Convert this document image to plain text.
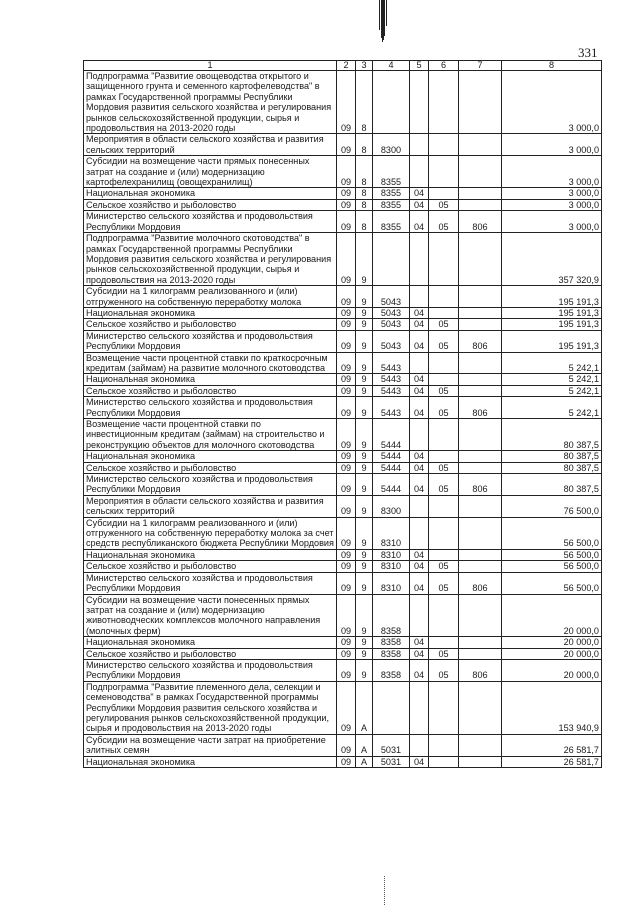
331
1	2	3	4	5	6	7	8
Подпрограмма "Развитие овощеводства открытого и защищенного грунта и семенного картофелеводства" в рамках Государственной программы Республики Мордовия развития сельского хозяйства и регулирования рынков сельскохозяйственной продукции, сырья и продовольствия на 2013-2020 годы	09	8					3 000,0
Мероприятия в области сельского хозяйства и развития сельских территорий	09	8	8300				3 000,0
Субсидии на возмещение части прямых понесенных затрат на создание и (или) модернизацию картофелехранилищ (овощехранилищ)	09	8	8355				3 000,0
Национальная экономика	09	8	8355	04			3 000,0
Сельское хозяйство и рыболовство	09	8	8355	04	05		3 000,0
Министерство сельского хозяйства и продовольствия Республики Мордовия	09	8	8355	04	05	806	3 000,0
Подпрограмма "Развитие молочного скотоводства" в рамках Государственной программы Республики Мордовия развития сельского хозяйства и регулирования рынков сельскохозяйственной продукции, сырья и продовольствия на 2013-2020 годы	09	9					357 320,9
Субсидии на 1 килограмм реализованного и (или) отгруженного на собственную переработку молока	09	9	5043				195 191,3
Национальная экономика	09	9	5043	04			195 191,3
Сельское хозяйство и рыболовство	09	9	5043	04	05		195 191,3
Министерство сельского хозяйства и продовольствия Республики Мордовия	09	9	5043	04	05	806	195 191,3
Возмещение части процентной ставки по краткосрочным кредитам (займам) на развитие молочного скотоводства	09	9	5443				5 242,1
Национальная экономика	09	9	5443	04			5 242,1
Сельское хозяйство и рыболовство	09	9	5443	04	05		5 242,1
Министерство сельского хозяйства и продовольствия Республики Мордовия	09	9	5443	04	05	806	5 242,1
Возмещение части процентной ставки по инвестиционным кредитам (займам) на строительство и реконструкцию объектов для молочного скотоводства	09	9	5444				80 387,5
Национальная экономика	09	9	5444	04			80 387,5
Сельское хозяйство и рыболовство	09	9	5444	04	05		80 387,5
Министерство сельского хозяйства и продовольствия Республики Мордовия	09	9	5444	04	05	806	80 387,5
Мероприятия в области сельского хозяйства и развития сельских территорий	09	9	8300				76 500,0
Субсидии на 1 килограмм реализованного и (или) отгруженного на собственную переработку молока за счет средств республиканского бюджета Республики Мордовия	09	9	8310				56 500,0
Национальная экономика	09	9	8310	04			56 500,0
Сельское хозяйство и рыболовство	09	9	8310	04	05		56 500,0
Министерство сельского хозяйства и продовольствия Республики Мордовия	09	9	8310	04	05	806	56 500,0
Субсидии на возмещение части понесенных прямых затрат на создание и (или) модернизацию животноводческих комплексов молочного направления (молочных ферм)	09	9	8358				20 000,0
Национальная экономика	09	9	8358	04			20 000,0
Сельское хозяйство и рыболовство	09	9	8358	04	05		20 000,0
Министерство сельского хозяйства и продовольствия Республики Мордовия	09	9	8358	04	05	806	20 000,0
Подпрограмма "Развитие племенного дела, селекции и семеноводства" в рамках Государственной программы Республики Мордовия развития сельского хозяйства и регулирования рынков сельскохозяйственной продукции, сырья и продовольствия на 2013-2020 годы	09	А					153 940,9
Субсидии на возмещение части затрат на приобретение элитных семян	09	А	5031				26 581,7
Национальная экономика	09	А	5031	04			26 581,7
